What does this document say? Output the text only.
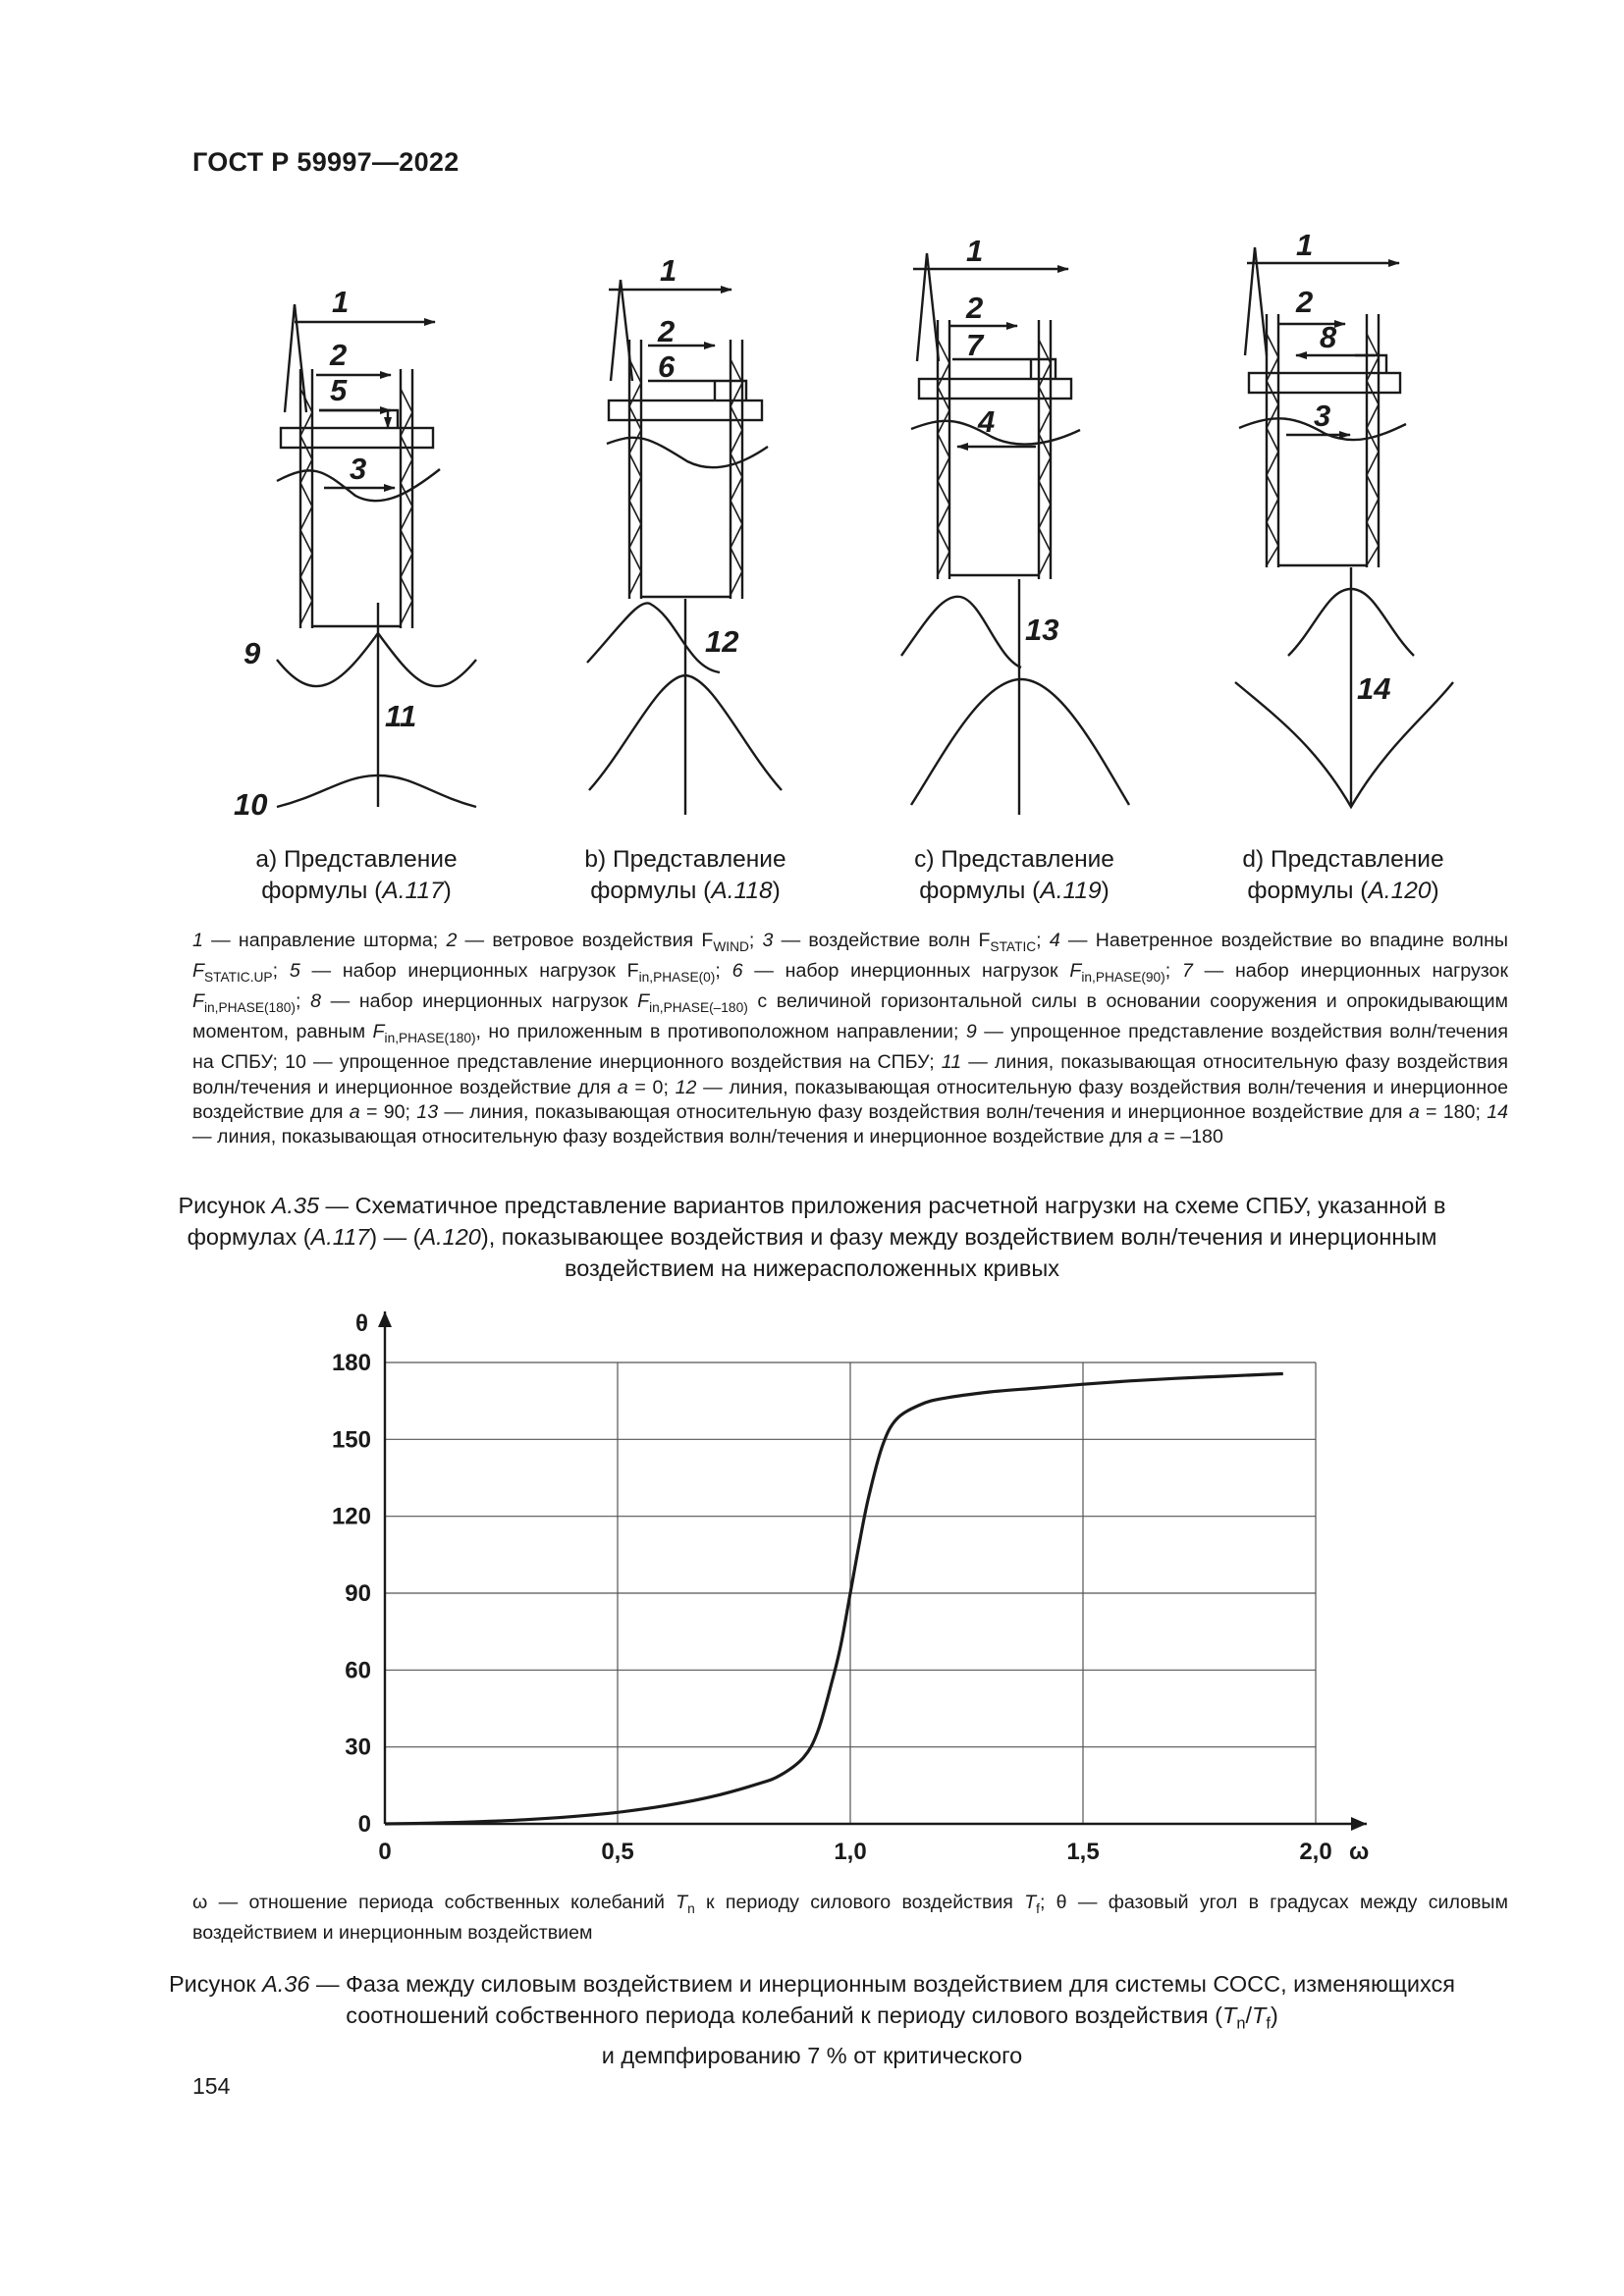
ГОСТ Р 59997—2022
1
2
5
3
9
10
11
1
2
6
12
1
2
7
4
13
1
2
8
3
14
a) Представление
формулы (A.117)
b) Представление
формулы (A.118)
c) Представление
формулы (A.119)
d) Представление
формулы (A.120)
1 — направление шторма; 2 — ветровое воздействия $F_{WIND}$; 3 — воздействие волн $F_{STATIC}$; 4 — Наветренное воздействие во впадине волны $F_{STATIC.UP}$; 5 — набор инерционных нагрузок $F_{in,PHASE(0)}$; 6 — набор инерционных нагрузок $F_{in,PHASE(90)}$; 7 — набор инерционных нагрузок $F_{in,PHASE(180)}$; 8 — набор инерционных нагрузок $F_{in,PHASE(-180)}$ с величиной горизонтальной силы в основании сооружения и опрокидывающим моментом, равным $F_{in,PHASE(180)}$, но приложенным в противоположном направлении; 9 — упрощенное представление воздействия волн/течения на СПБУ; 10 — упрощенное представление инерционного воздействия на СПБУ; 11 — линия, показывающая относительную фазу воздействия волн/течения и инерционное воздействие для a = 0; 12 — линия, показывающая относительную фазу воздействия волн/течения и инерционное воздействие для a = 90; 13 — линия, показывающая относительную фазу воздействия волн/течения и инерционное воздействие для a = 180; 14 — линия, показывающая относительную фазу воздействия волн/течения и инерционное воздействие для a = –180
Рисунок A.35 — Схематичное представление вариантов приложения расчетной нагрузки на схеме СПБУ, указанной в формулах (A.117) — (A.120), показывающее воздействия и фазу между воздействием волн/течения и инерционным воздействием на нижерасположенных кривых
0	0,5	1,0	1,5	2,0
0
30
60
90
120
150
180
θ
ω
ω — отношение периода собственных колебаний $T_n$ к периоду силового воздействия $T_f$; θ — фазовый угол в градусах между силовым воздействием и инерционным воздействием
Рисунок A.36 — Фаза между силовым воздействием и инерционным воздействием для системы СОСС, изменяющихся соотношений собственного периода колебаний к периоду силового воздействия $(T_n/T_f)$
и демпфированию 7 % от критического
154
